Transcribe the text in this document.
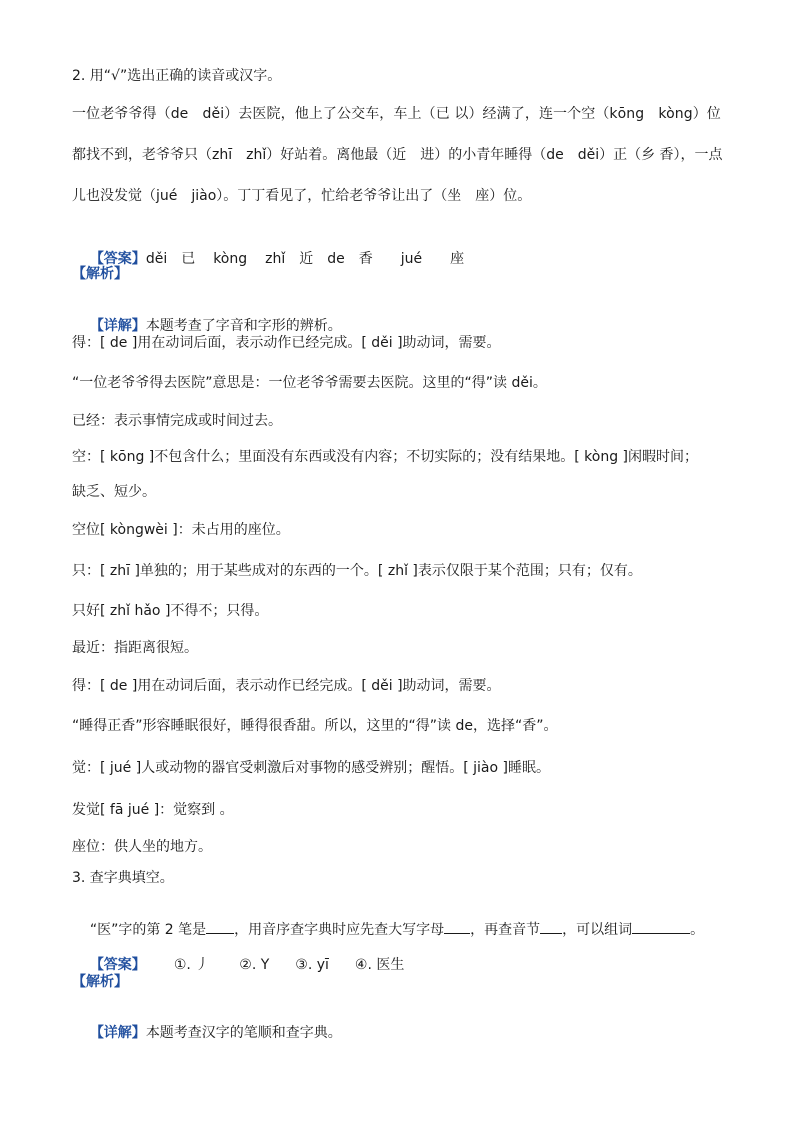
2. 用“√”选出正确的读音或汉字。
一位老爷爷得（de　děi）去医院，他上了公交车，车上（已 以）经满了，连一个空（kōng　kòng）位
都找不到，老爷爷只（zhī　zhǐ）好站着。离他最（近　进）的小青年睡得（de　děi）正（乡 香），一点
儿也没发觉（jué　jiào）。丁丁看见了，忙给老爷爷让出了（坐　座）位。

【答案】děi 已 kòng zhǐ 近 de 香 jué 座

【解析】

【详解】本题考查了字音和字形的辨析。

得：[ de ]用在动词后面，表示动作已经完成。[ děi ]助动词，需要。
“一位老爷爷得去医院”意思是：一位老爷爷需要去医院。这里的“得”读 děi。
已经：表示事情完成或时间过去。
空：[ kōng ]不包含什么；里面没有东西或没有内容；不切实际的；没有结果地。[ kòng ]闲暇时间；
缺乏、短少。
空位[ kòngwèi ]：未占用的座位。
只：[ zhī ]单独的；用于某些成对的东西的一个。[ zhǐ ]表示仅限于某个范围；只有；仅有。
只好[ zhǐ hǎo ]不得不；只得。
最近：指距离很短。
得：[ de ]用在动词后面，表示动作已经完成。[ děi ]助动词，需要。
“睡得正香”形容睡眠很好，睡得很香甜。所以，这里的“得”读 de，选择“香”。
觉：[ jué ]人或动物的器官受刺激后对事物的感受辨别；醒悟。[ jiào ]睡眠。
发觉[ fā jué ]：觉察到 。
座位：供人坐的地方。
3. 查字典填空。

“医”字的第 2 笔是 ，用音序查字典时应先查大写字母 ，再查音节 ，可以组词	。

【答案】 ①. 丿 ②. Y ③. yī ④. 医生

【解析】

【详解】本题考查汉字的笔顺和查字典。
